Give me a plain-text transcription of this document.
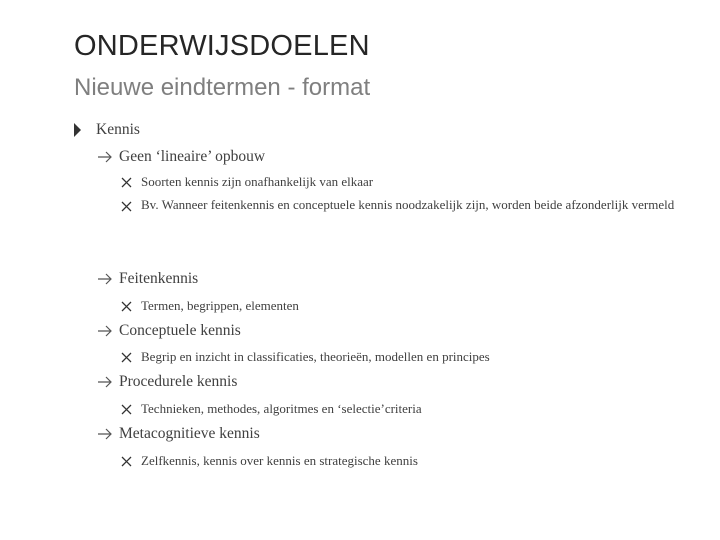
ONDERWIJSDOELEN
Nieuwe eindtermen - format
Kennis
Geen ‘lineaire’ opbouw
Soorten kennis zijn onafhankelijk van elkaar
Bv. Wanneer feitenkennis en conceptuele kennis noodzakelijk zijn, worden beide afzonderlijk vermeld
Feitenkennis
Termen, begrippen, elementen
Conceptuele kennis
Begrip en inzicht in classificaties, theorieën, modellen en principes
Procedurele kennis
Technieken, methodes, algoritmes en ‘selectie’criteria
Metacognitieve kennis
Zelfkennis, kennis over kennis en strategische kennis
